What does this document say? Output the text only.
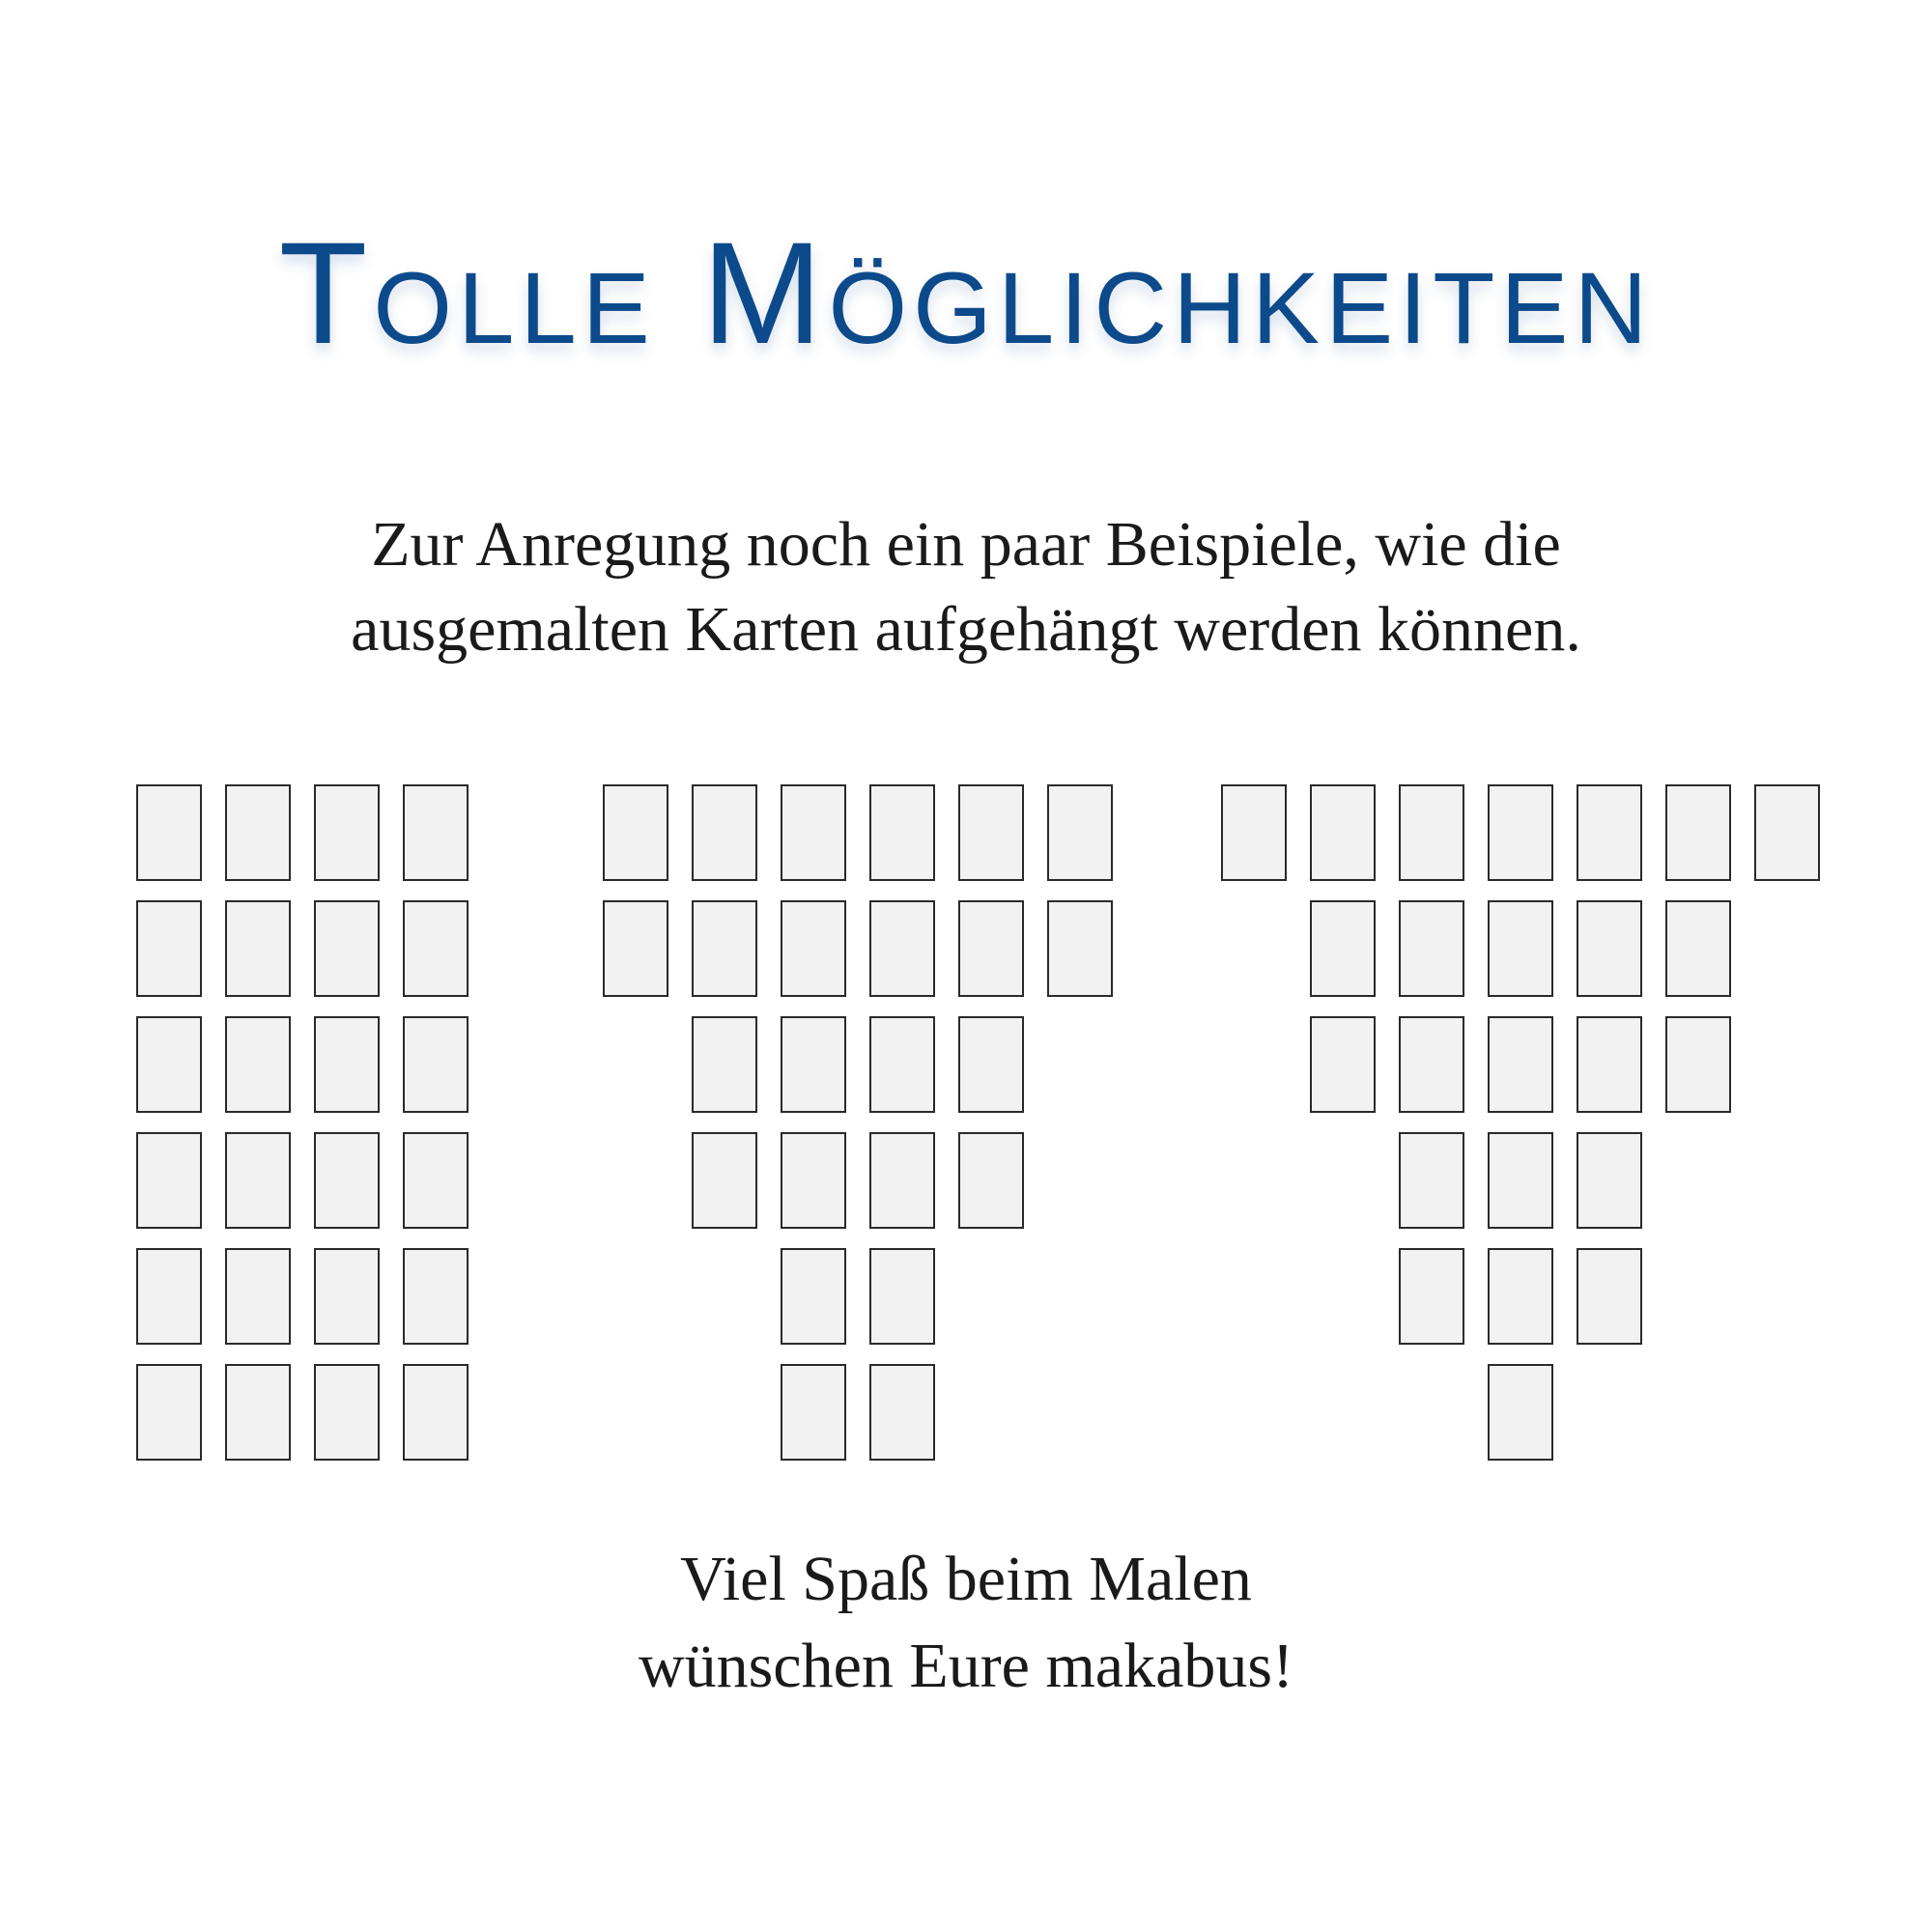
Tolle Möglichkeiten
Zur Anregung noch ein paar Beispiele, wie die
ausgemalten Karten aufgehängt werden können.
Viel Spaß beim Malen
wünschen Eure makabus!
